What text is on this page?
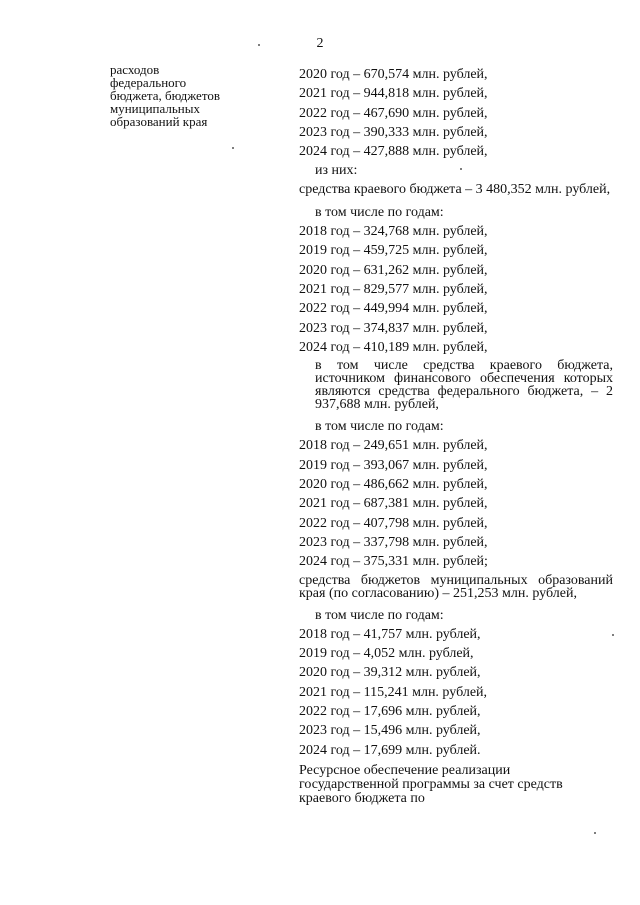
2
расходов
федерального
бюджета, бюджетов
муниципальных
образований края
2020 год – 670,574 млн. рублей,
2021 год – 944,818 млн. рублей,
2022 год – 467,690 млн. рублей,
2023 год – 390,333 млн. рублей,
2024 год – 427,888 млн. рублей,
из них:
средства краевого бюджета – 3 480,352 млн. рублей,
в том числе по годам:
2018 год – 324,768 млн. рублей,
2019 год – 459,725 млн. рублей,
2020 год – 631,262 млн. рублей,
2021 год – 829,577 млн. рублей,
2022 год – 449,994 млн. рублей,
2023 год – 374,837 млн. рублей,
2024 год – 410,189 млн. рублей,
в том числе средства краевого бюджета, источником финансового обеспечения которых являются средства федерального бюджета, – 2 937,688 млн. рублей,
в том числе по годам:
2018 год – 249,651 млн. рублей,
2019 год – 393,067 млн. рублей,
2020 год – 486,662 млн. рублей,
2021 год – 687,381 млн. рублей,
2022 год – 407,798 млн. рублей,
2023 год – 337,798 млн. рублей,
2024 год – 375,331 млн. рублей;
средства бюджетов муниципальных образований края (по согласованию) – 251,253 млн. рублей,
в том числе по годам:
2018 год – 41,757 млн. рублей,
2019 год – 4,052 млн. рублей,
2020 год – 39,312 млн. рублей,
2021 год – 115,241 млн. рублей,
2022 год – 17,696 млн. рублей,
2023 год – 15,496 млн. рублей,
2024 год – 17,699 млн. рублей.
Ресурсное обеспечение реализации государственной программы за счет средств краевого бюджета по
